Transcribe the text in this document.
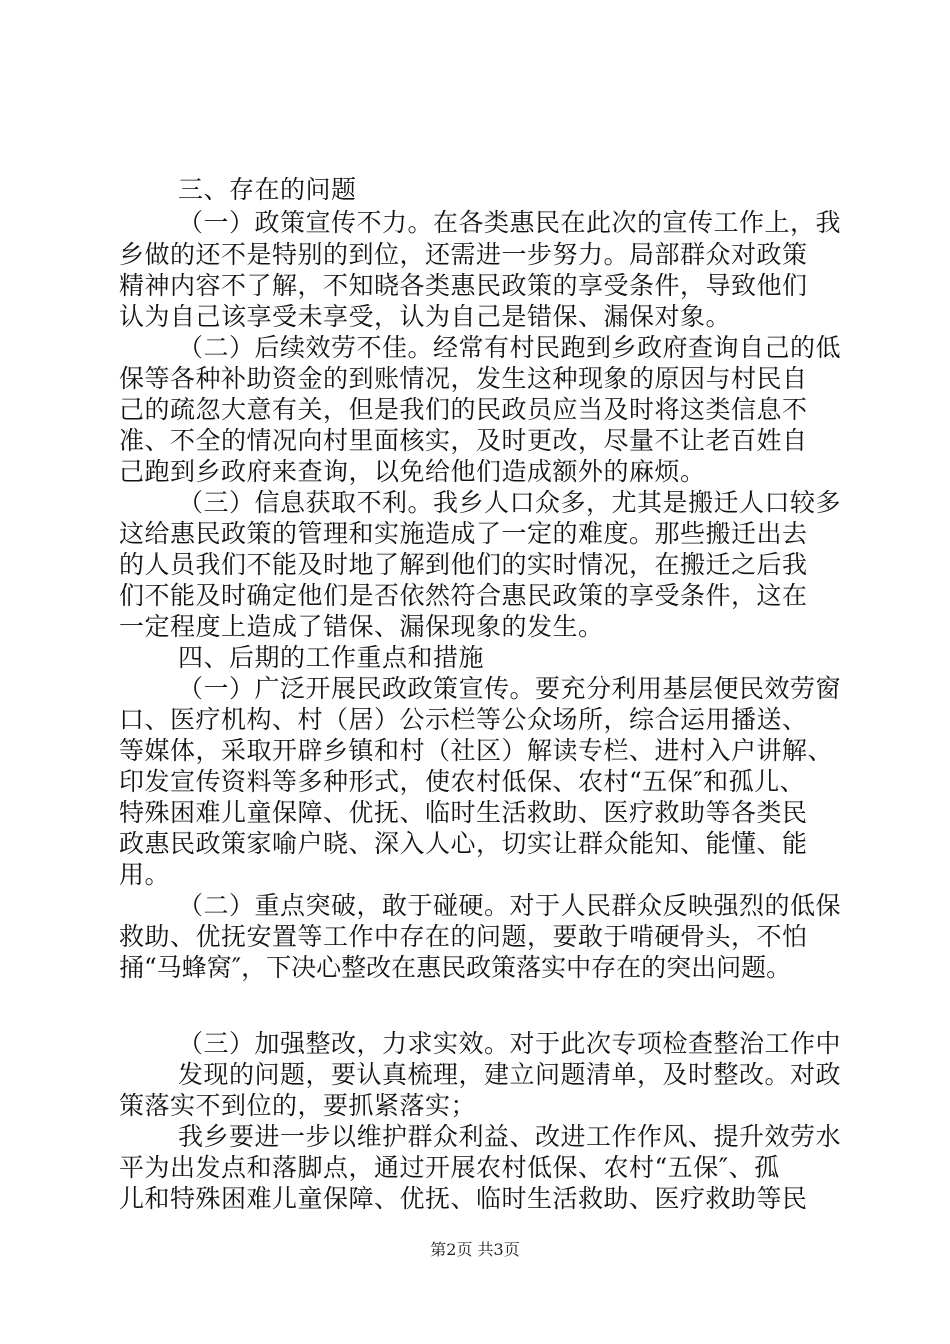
三、存在的问题
（一）政策宣传不力。在各类惠民在此次的宣传工作上，我
乡做的还不是特别的到位，还需进一步努力。局部群众对政策
精神内容不了解，不知晓各类惠民政策的享受条件，导致他们
认为自己该享受未享受，认为自己是错保、漏保对象。
（二）后续效劳不佳。经常有村民跑到乡政府查询自己的低
保等各种补助资金的到账情况，发生这种现象的原因与村民自
己的疏忽大意有关，但是我们的民政员应当及时将这类信息不
准、不全的情况向村里面核实，及时更改，尽量不让老百姓自
己跑到乡政府来查询，以免给他们造成额外的麻烦。
（三）信息获取不利。我乡人口众多，尤其是搬迁人口较多
这给惠民政策的管理和实施造成了一定的难度。那些搬迁出去
的人员我们不能及时地了解到他们的实时情况，在搬迁之后我
们不能及时确定他们是否依然符合惠民政策的享受条件，这在
一定程度上造成了错保、漏保现象的发生。
四、后期的工作重点和措施
（一）广泛开展民政政策宣传。要充分利用基层便民效劳窗
口、医疗机构、村（居）公示栏等公众场所，综合运用播送、
等媒体，采取开辟乡镇和村（社区）解读专栏、进村入户讲解、
印发宣传资料等多种形式，使农村低保、农村“五保″和孤儿、
特殊困难儿童保障、优抚、临时生活救助、医疗救助等各类民
政惠民政策家喻户晓、深入人心，切实让群众能知、能懂、能
用。
（二）重点突破，敢于碰硬。对于人民群众反映强烈的低保
救助、优抚安置等工作中存在的问题，要敢于啃硬骨头，不怕
捅“马蜂窝″，下决心整改在惠民政策落实中存在的突出问题。
（三）加强整改，力求实效。对于此次专项检查整治工作中
发现的问题，要认真梳理，建立问题清单，及时整改。对政
策落实不到位的，要抓紧落实；
我乡要进一步以维护群众利益、改进工作作风、提升效劳水
平为出发点和落脚点，通过开展农村低保、农村“五保″、孤
儿和特殊困难儿童保障、优抚、临时生活救助、医疗救助等民
第2页 共3页
